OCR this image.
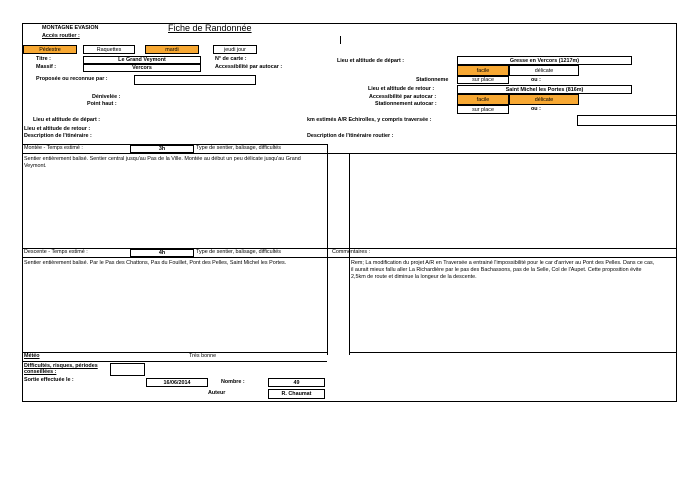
MONTAGNE EVASION
Accès routier :
Fiche de Randonnée
Pédestre	Raquettes	mardi	jeudi jour
Titre :	Le Grand Veymont	N° de carte :
Massif :	Vercors	Accessibilité par autocar :
Proposée ou reconnue par :
Dénivelée :
Point haut :
Lieu et altitude de départ :	Gresse en Vercors (1217m)
facile	délicate
Stationneme	sur place	ou :
Lieu et altitude de retour :	Saint Michel les Portes (816m)
Accessibilité par autocar :	facile	délicate
Stationnement autocar :
sur place	ou :
Lieu et altitude de départ :	km estimés A/R Echirolles, y compris traversée :
Lieu et altitude de retour :
Description de l'itinéraire :	Description de l'itinéraire routier :
Montée - Temps estimé :	3h	Type de sentier, balisage, difficultés
Sentier entièrement balisé. Sentier central jusqu'au Pas de la Ville. Montée au début un peu délicate jusqu'au Grand Veymont.
Descente - Temps estimé :	4h	Type de sentier, balisage, difficultés	Commentaires :
Sentier entièrement balisé. Par le Pas des Chattons, Pas du Fouillet, Pont des Pelles, Saint Michel les Portes.	Rem; La modification du projet A/R en Traversée a entrainé l'impossibilité pour le car d'arriver au Pont des Pelles. Dans ce cas, il aurait mieux fallu aller La Richardière par le pas des Bachassons, pas de la Selle, Col de l'Aupet. Cette proposition évite 2,5km de route et diminue la longeur de la descente.
Météo	Très bonne
Difficultés, risques, périodes conseillées :
Sortie effectuée le :	16/06/2014	Nombre :	49
Auteur	R. Chaumat
